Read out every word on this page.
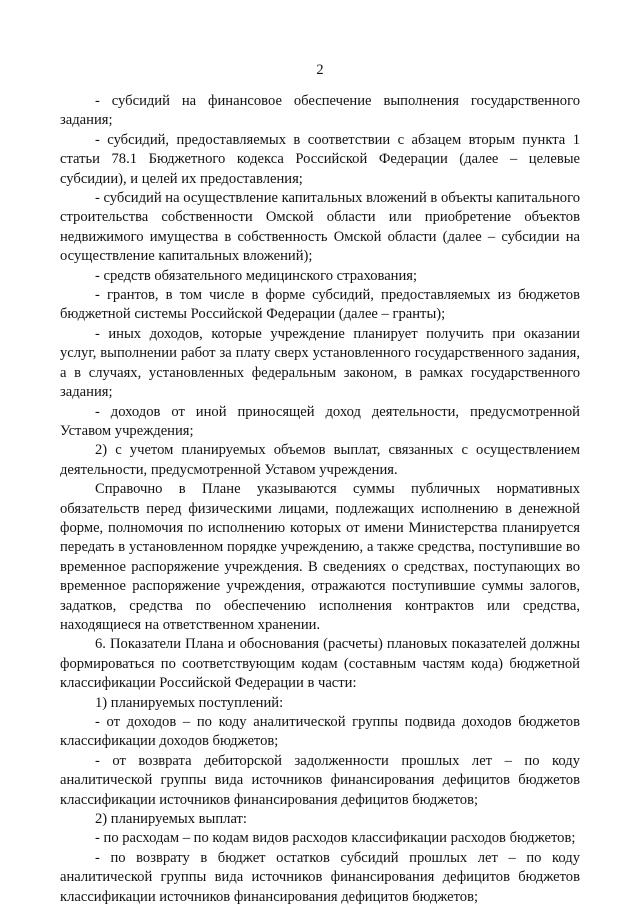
2

- субсидий на финансовое обеспечение выполнения государственного задания;

- субсидий, предоставляемых в соответствии с абзацем вторым пункта 1 статьи 78.1 Бюджетного кодекса Российской Федерации (далее – целевые субсидии), и целей их предоставления;

- субсидий на осуществление капитальных вложений в объекты капитального строительства собственности Омской области или приобретение объектов недвижимого имущества в собственность Омской области (далее – субсидии на осуществление капитальных вложений);

- средств обязательного медицинского страхования;

- грантов, в том числе в форме субсидий, предоставляемых из бюджетов бюджетной системы Российской Федерации (далее – гранты);

- иных доходов, которые учреждение планирует получить при оказании услуг, выполнении работ за плату сверх установленного государственного задания, а в случаях, установленных федеральным законом, в рамках государственного задания;

- доходов от иной приносящей доход деятельности, предусмотренной Уставом учреждения;

2) с учетом планируемых объемов выплат, связанных с осуществлением деятельности, предусмотренной Уставом учреждения.

Справочно в Плане указываются суммы публичных нормативных обязательств перед физическими лицами, подлежащих исполнению в денежной форме, полномочия по исполнению которых от имени Министерства планируется передать в установленном порядке учреждению, а также средства, поступившие во временное распоряжение учреждения. В сведениях о средствах, поступающих во временное распоряжение учреждения, отражаются поступившие суммы залогов, задатков, средства по обеспечению исполнения контрактов или средства, находящиеся на ответственном хранении.

6. Показатели Плана и обоснования (расчеты) плановых показателей должны формироваться по соответствующим кодам (составным частям кода) бюджетной классификации Российской Федерации в части:

1) планируемых поступлений:

- от доходов – по коду аналитической группы подвида доходов бюджетов классификации доходов бюджетов;

- от возврата дебиторской задолженности прошлых лет – по коду аналитической группы вида источников финансирования дефицитов бюджетов классификации источников финансирования дефицитов бюджетов;

2) планируемых выплат:

- по расходам – по кодам видов расходов классификации расходов бюджетов;

- по возврату в бюджет остатков субсидий прошлых лет – по коду аналитической группы вида источников финансирования дефицитов бюджетов классификации источников финансирования дефицитов бюджетов;
